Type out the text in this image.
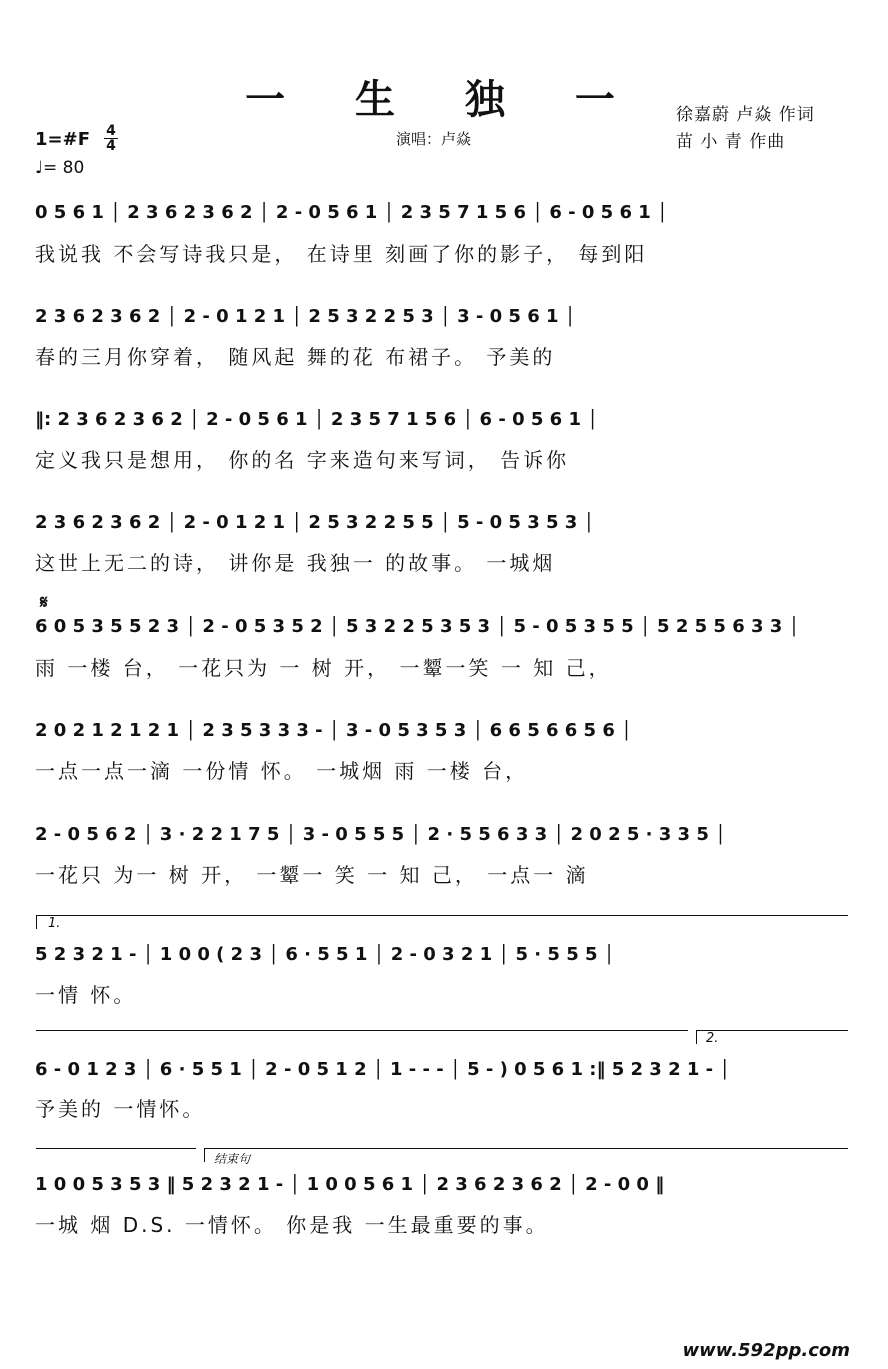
一 生 独 一	徐嘉蔚 卢焱 作词
苗 小 青 作曲
演唱：卢焱
1=#F 4
4
♩= 80
0 5 6 1 │ 2 3 6 2 3 6 2 │ 2 - 0 5 6 1 │ 2 3 5 7 1 5 6 │ 6 - 0 5 6 1 │
我说我 不会写诗我只是， 在诗里 刻画了你的影子， 每到阳
2 3 6 2 3 6 2 │ 2 - 0 1 2 1 │ 2 5 3 2 2 5 3 │ 3 - 0 5 6 1 │
春的三月你穿着， 随风起 舞的花 布裙子。 予美的
‖: 2 3 6 2 3 6 2 │ 2 - 0 5 6 1 │ 2 3 5 7 1 5 6 │ 6 - 0 5 6 1 │
定义我只是想用， 你的名 字来造句来写词， 告诉你
2 3 6 2 3 6 2 │ 2 - 0 1 2 1 │ 2 5 3 2 2 5 5 │ 5 - 0 5 3 5 3 │
这世上无二的诗， 讲你是 我独一 的故事。 一城烟
𝄋
6 0 5 3 5 5 2 3 │ 2 - 0 5 3 5 2 │ 5 3 2 2 5 3 5 3 │ 5 - 0 5 3 5 5 │ 5 2 5 5 6 3 3 │
雨 一楼 台， 一花只为 一 树 开， 一颦一笑 一 知 己，
2 0 2 1 2 1 2 1 │ 2 3 5 3 3 3 - │ 3 - 0 5 3 5 3 │ 6 6 5 6 6 5 6 │
一点一点一滴 一份情 怀。 一城烟 雨 一楼 台，
2 - 0 5 6 2 │ 3 · 2 2 1 7 5 │ 3 - 0 5 5 5 │ 2 · 5 5 6 3 3 │ 2 0 2 5 · 3 3 5 │
一花只 为一 树 开， 一颦一 笑 一 知 己， 一点一 滴
1.
5 2 3 2 1 - │ 1 0 0 ( 2 3 │ 6 · 5 5 1 │ 2 - 0 3 2 1 │ 5 · 5 5 5 │
一情 怀。
2.
6 - 0 1 2 3 │ 6 · 5 5 1 │ 2 - 0 5 1 2 │ 1 - - - │ 5 - ) 0 5 6 1 :‖ 5 2 3 2 1 - │
予美的 一情怀。
结束句
1 0 0 5 3 5 3 ‖ 5 2 3 2 1 - │ 1 0 0 5 6 1 │ 2 3 6 2 3 6 2 │ 2 - 0 0 ‖
一城 烟 D.S. 一情怀。 你是我 一生最重要的事。
www.592pp.com
